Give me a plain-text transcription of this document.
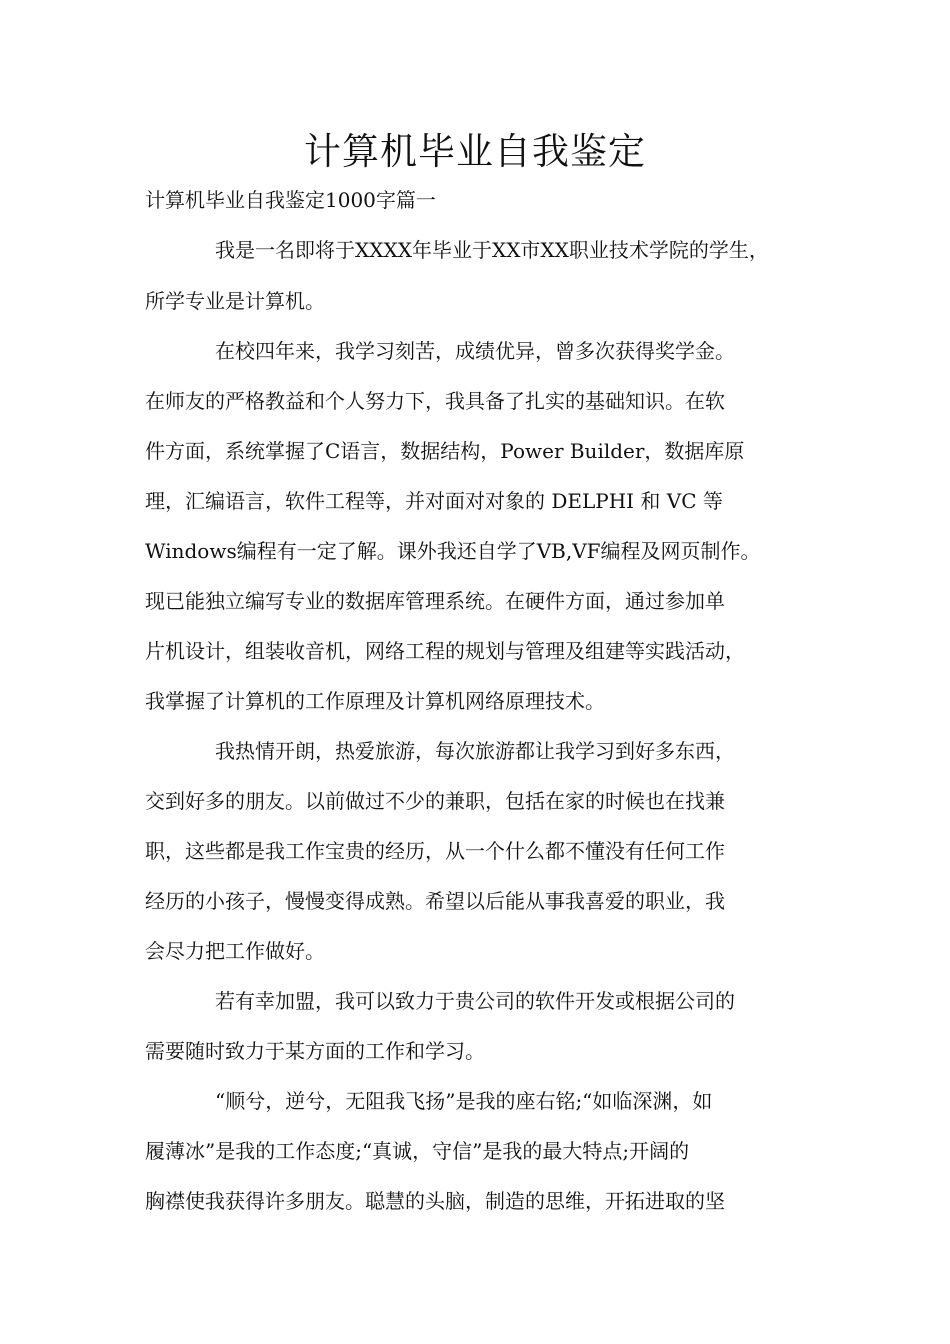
计算机毕业自我鉴定

计算机毕业自我鉴定1000字篇一

我是一名即将于XXXX年毕业于XX市XX职业技术学院的学生，

所学专业是计算机。

在校四年来，我学习刻苦，成绩优异，曾多次获得奖学金。

在师友的严格教益和个人努力下，我具备了扎实的基础知识。在软

件方面，系统掌握了C语言，数据结构，Power Builder，数据库原

理，汇编语言，软件工程等，并对面对对象的 DELPHI 和 VC 等

Windows编程有一定了解。课外我还自学了VB,VF编程及网页制作。

现已能独立编写专业的数据库管理系统。在硬件方面，通过参加单

片机设计，组装收音机，网络工程的规划与管理及组建等实践活动，

我掌握了计算机的工作原理及计算机网络原理技术。

我热情开朗，热爱旅游，每次旅游都让我学习到好多东西，

交到好多的朋友。以前做过不少的兼职，包括在家的时候也在找兼

职，这些都是我工作宝贵的经历，从一个什么都不懂没有任何工作

经历的小孩子，慢慢变得成熟。希望以后能从事我喜爱的职业，我

会尽力把工作做好。

若有幸加盟，我可以致力于贵公司的软件开发或根据公司的

需要随时致力于某方面的工作和学习。

“顺兮，逆兮，无阻我飞扬”是我的座右铭;“如临深渊，如

履薄冰”是我的工作态度;“真诚，守信”是我的最大特点;开阔的

胸襟使我获得许多朋友。聪慧的头脑，制造的思维，开拓进取的坚
